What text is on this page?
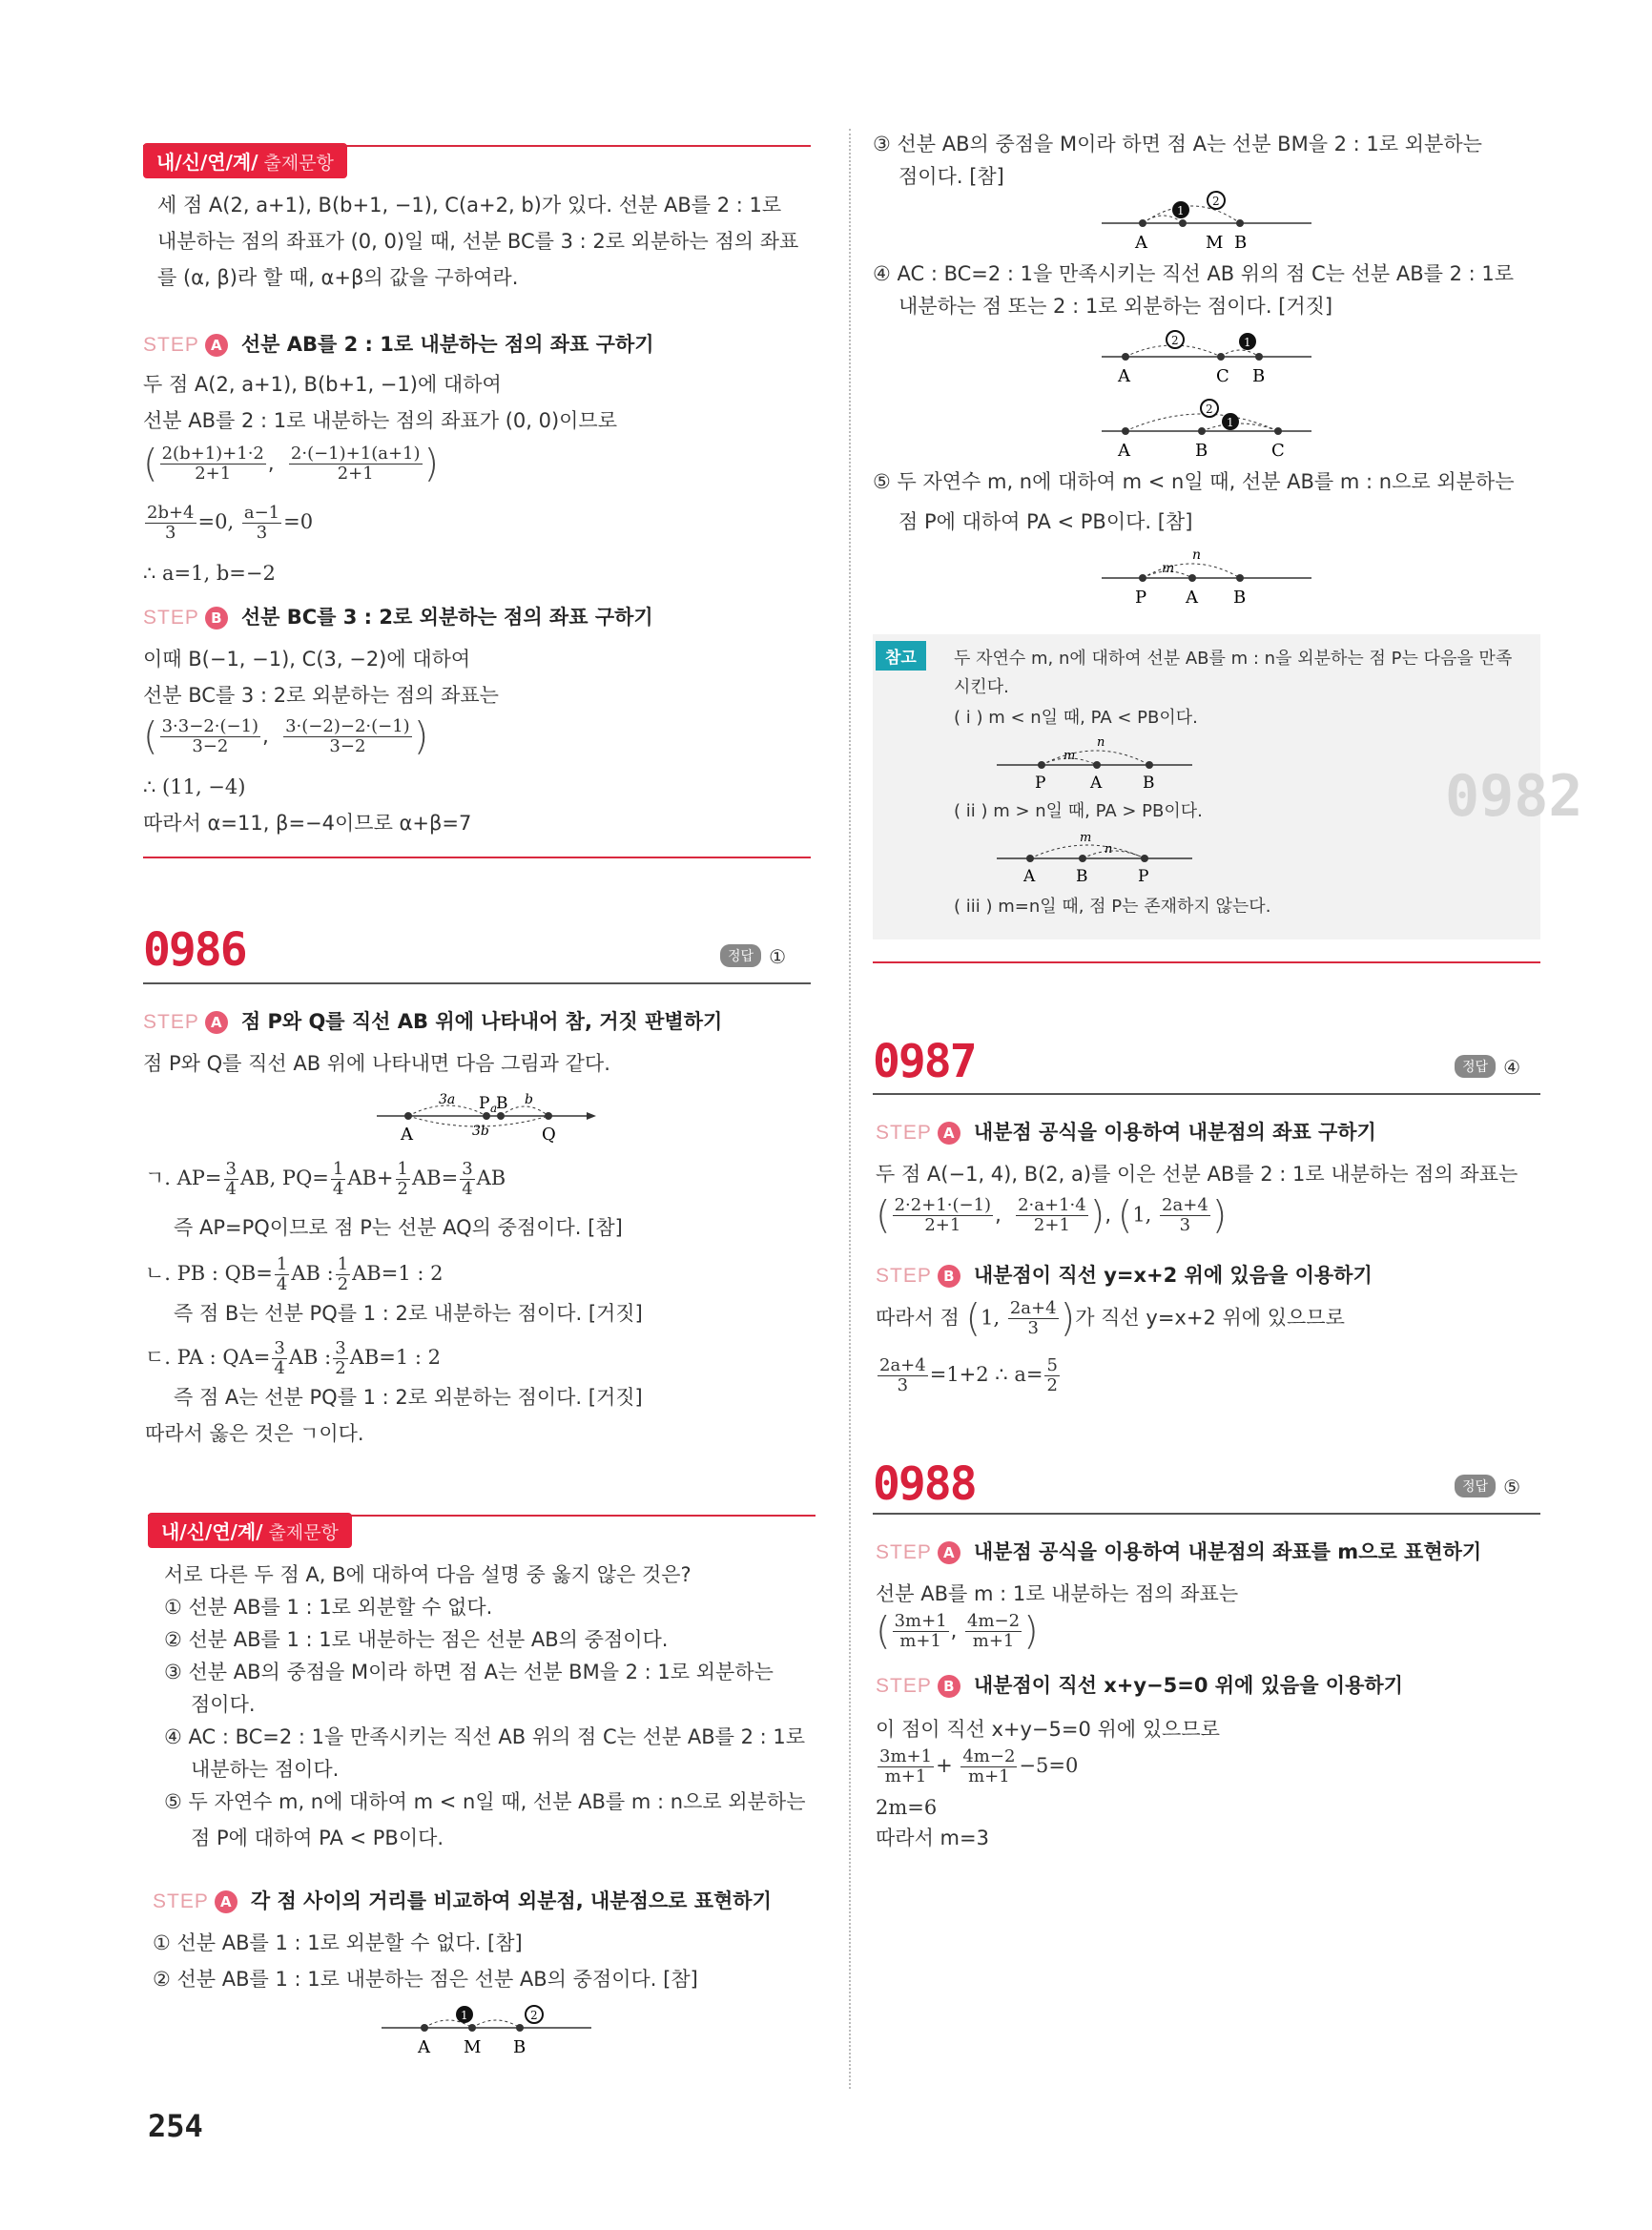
내/신/연/계/ 출제문항
세 점 A(2, a+1), B(b+1, −1), C(a+2, b)가 있다. 선분 AB를 2 : 1로
내분하는 점의 좌표가 (0, 0)일 때, 선분 BC를 3 : 2로 외분하는 점의 좌표
를 (α, β)라 할 때, α+β의 값을 구하여라.
STEP A 선분 AB를 2 : 1로 내분하는 점의 좌표 구하기
두 점 A(2, a+1), B(b+1, −1)에 대하여
선분 AB를 2 : 1로 내분하는 점의 좌표가 (0, 0)이므로
( $\frac{2(b+1)+1\cdot 2}{2+1}$ , $\frac{2\cdot(-1)+1(a+1)}{2+1}$ )
$\frac{2b+4}{3} =0$, $\frac{a-1}{3} =0$
∴ a=1, b=−2
STEP B 선분 BC를 3 : 2로 외분하는 점의 좌표 구하기
이때 B(−1, −1), C(3, −2)에 대하여
선분 BC를 3 : 2로 외분하는 점의 좌표는
( $\frac{3\cdot 3-2\cdot(-1)}{3-2}$ , $\frac{3\cdot(-2)-2\cdot(-1)}{3-2}$ )
∴ (11, −4)
따라서 α=11, β=−4이므로 α+β=7
0986	정답 ①
STEP A 점 P와 Q를 직선 AB 위에 나타내어 참, 거짓 판별하기
점 P와 Q를 직선 AB 위에 나타내면 다음 그림과 같다.
3a P a
B b
3b
A	Q
ㄱ. $AP= \frac{3}{4}$ AB, $PQ= \frac{1}{4} AB+ \frac{1}{2} AB= \frac{3}{4}$ AB
즉 AP=PQ이므로 점 P는 선분 AQ의 중점이다. [참]
ㄴ. PB : $QB= \frac{1}{4}$ AB : $\frac{1}{2} AB=1$ : 2
즉 점 B는 선분 PQ를 1 : 2로 내분하는 점이다. [거짓]
ㄷ. PA : $QA= \frac{3}{4}$ AB : $\frac{3}{2} AB=1$ : 2
즉 점 A는 선분 PQ를 1 : 2로 외분하는 점이다. [거짓]
따라서 옳은 것은 ㄱ이다.
내/신/연/계/ 출제문항
서로 다른 두 점 A, B에 대하여 다음 설명 중 옳지 않은 것은?
① 선분 AB를 1 : 1로 외분할 수 없다.
② 선분 AB를 1 : 1로 내분하는 점은 선분 AB의 중점이다.
③ 선분 AB의 중점을 M이라 하면 점 A는 선분 BM을 2 : 1로 외분하는
점이다.
④ AC : BC=2 : 1을 만족시키는 직선 AB 위의 점 C는 선분 AB를 2 : 1로
내분하는 점이다.
⑤ 두 자연수 m, n에 대하여 m < n일 때, 선분 AB를 m : n으로 외분하는
점 P에 대하여 PA < PB이다.
STEP A 각 점 사이의 거리를 비교하여 외분점, 내분점으로 표현하기
① 선분 AB를 1 : 1로 외분할 수 없다. [참]
② 선분 AB를 1 : 1로 내분하는 점은 선분 AB의 중점이다. [참]
1	2
A M B
254
③ 선분 AB의 중점을 M이라 하면 점 A는 선분 BM을 2 : 1로 외분하는
점이다. [참]
1
2
A	M B
④ AC : BC=2 : 1을 만족시키는 직선 AB 위의 점 C는 선분 AB를 2 : 1로
내분하는 점 또는 2 : 1로 외분하는 점이다. [거짓]
2	1
A	C B
2
1
A	B	C
⑤ 두 자연수 m, n에 대하여 m < n일 때, 선분 AB를 m : n으로 외분하는
점 P에 대하여 PA < PB이다. [참]
m
n
P A B
0982
참고	두 자연수 m, n에 대하여 선분 AB를 m : n을 외분하는 점 P는 다음을 만족
시킨다.
( i ) m < n일 때, PA < PB이다.
m
n
P	A	B
( ii ) m > n일 때, PA > PB이다.
m
n
A	B	P
( iii ) m=n일 때, 점 P는 존재하지 않는다.
0987	정답 ④
STEP A 내분점 공식을 이용하여 내분점의 좌표 구하기
두 점 A(−1, 4), B(2, a)를 이은 선분 AB를 2 : 1로 내분하는 점의 좌표는
( $\frac{2\cdot 2+1\cdot(-1)}{2+1}$ , $\frac{2\cdot a+1\cdot 4}{2+1}$ ), (1, $\frac{2a+4}{3}$ )
STEP B 내분점이 직선 y=x+2 위에 있음을 이용하기
따라서 점 (1, $\frac{2a+4}{3}$ )가 직선 y=x+2 위에 있으므로
$\frac{2a+4}{3} =1+2$ ∴ $a= \frac{5}{2}$
0988	정답 ⑤
STEP A 내분점 공식을 이용하여 내분점의 좌표를 m으로 표현하기
선분 AB를 m : 1로 내분하는 점의 좌표는
( $\frac{3m+1}{m+1}$ , $\frac{4m-2}{m+1}$ )
STEP B 내분점이 직선 x+y−5=0 위에 있음을 이용하기
이 점이 직선 x+y−5=0 위에 있으므로
$\frac{3m+1}{m+1} + \frac{4m-2}{m+1} -5=0$
2m=6
따라서 m=3
